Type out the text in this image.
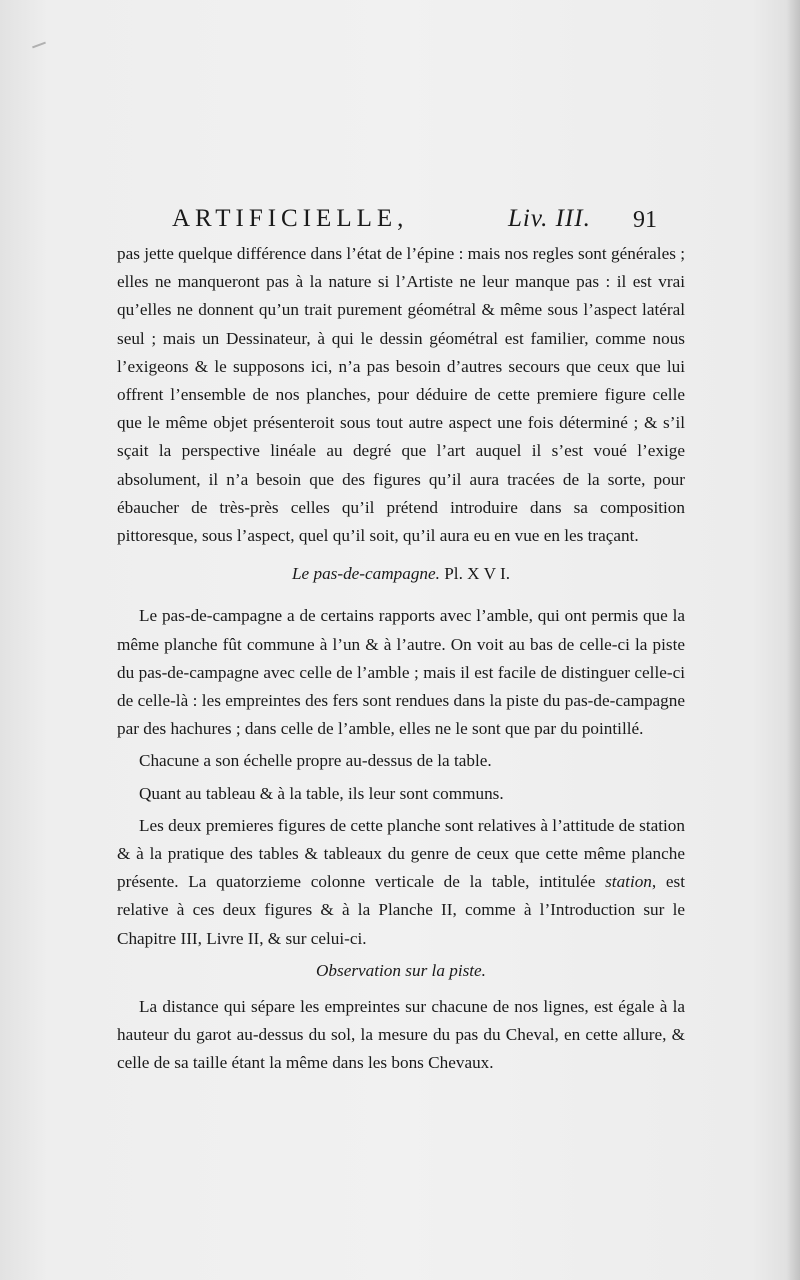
ARTIFICIELLE,	Liv. III. 91

pas jette quelque différence dans l’état de l’épine : mais nos regles sont générales ; elles ne manqueront pas à la nature si l’Artiste ne leur manque pas : il est vrai qu’elles ne donnent qu’un trait purement géométral & même sous l’aspect latéral seul ; mais un Dessinateur, à qui le dessin géométral est familier, comme nous l’exigeons & le supposons ici, n’a pas besoin d’autres secours que ceux que lui offrent l’ensemble de nos planches, pour déduire de cette premiere figure celle que le même objet présenteroit sous tout autre aspect une fois déterminé ; & s’il sçait la perspective linéale au degré que l’art auquel il s’est voué l’exige absolument, il n’a besoin que des figures qu’il aura tracées de la sorte, pour ébaucher de très-près celles qu’il prétend introduire dans sa composition pittoresque, sous l’aspect, quel qu’il soit, qu’il aura eu en vue en les traçant.

Le pas-de-campagne. Pl. X V I.

Le pas-de-campagne a de certains rapports avec l’amble, qui ont permis que la même planche fût commune à l’un & à l’autre. On voit au bas de celle-ci la piste du pas-de-campagne avec celle de l’amble ; mais il est facile de distinguer celle-ci de celle-là : les empreintes des fers sont rendues dans la piste du pas-de-campagne par des hachures ; dans celle de l’amble, elles ne le sont que par du pointillé.

Chacune a son échelle propre au-dessus de la table.

Quant au tableau & à la table, ils leur sont communs.

Les deux premieres figures de cette planche sont relatives à l’attitude de station & à la pratique des tables & tableaux du genre de ceux que cette même planche présente. La quatorzieme colonne verticale de la table, intitulée station, est relative à ces deux figures & à la Planche II, comme à l’Introduction sur le Chapitre III, Livre II, & sur celui-ci.

Observation sur la piste.

La distance qui sépare les empreintes sur chacune de nos lignes, est égale à la hauteur du garot au-dessus du sol, la mesure du pas du Cheval, en cette allure, & celle de sa taille étant la même dans les bons Chevaux.
